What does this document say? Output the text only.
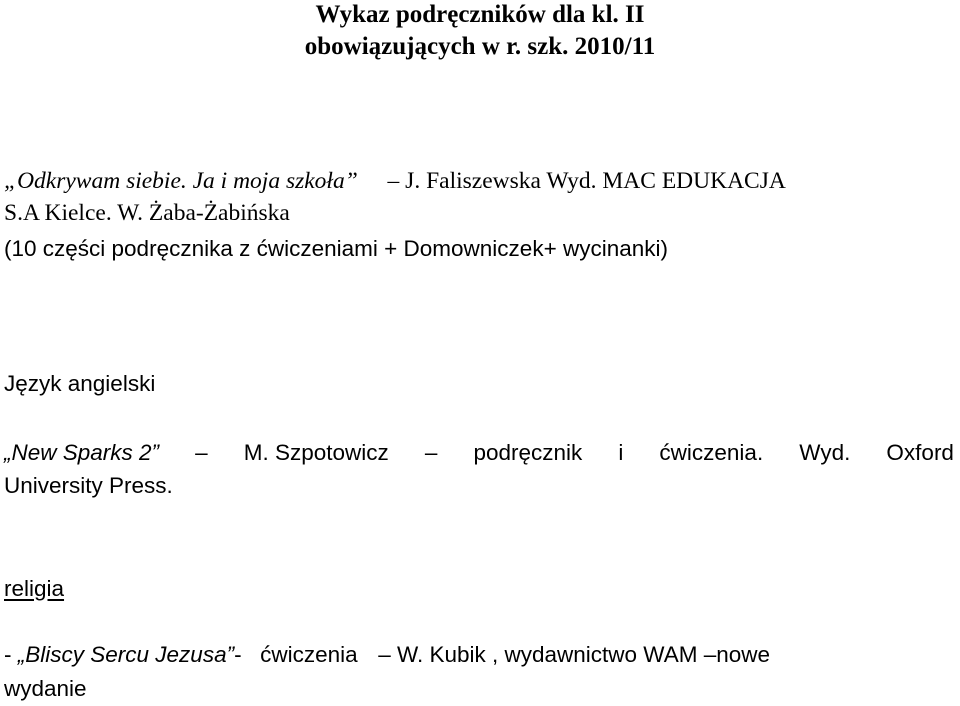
Wykaz podręczników dla kl. II
obowiązujących w r. szk. 2010/11
„Odkrywam siebie. Ja i moja szkoła” – J. Faliszewska Wyd. MAC EDUKACJA
S.A Kielce. W. Żaba-Żabińska
(10 części podręcznika z ćwiczeniami + Domowniczek+ wycinanki)
Język angielski
„New Sparks 2” – M. Szpotowicz – podręcznik i ćwiczenia. Wyd. Oxford
University Press.
religia
- „Bliscy Sercu Jezusa”- ćwiczenia – W. Kubik , wydawnictwo WAM –nowe
wydanie
